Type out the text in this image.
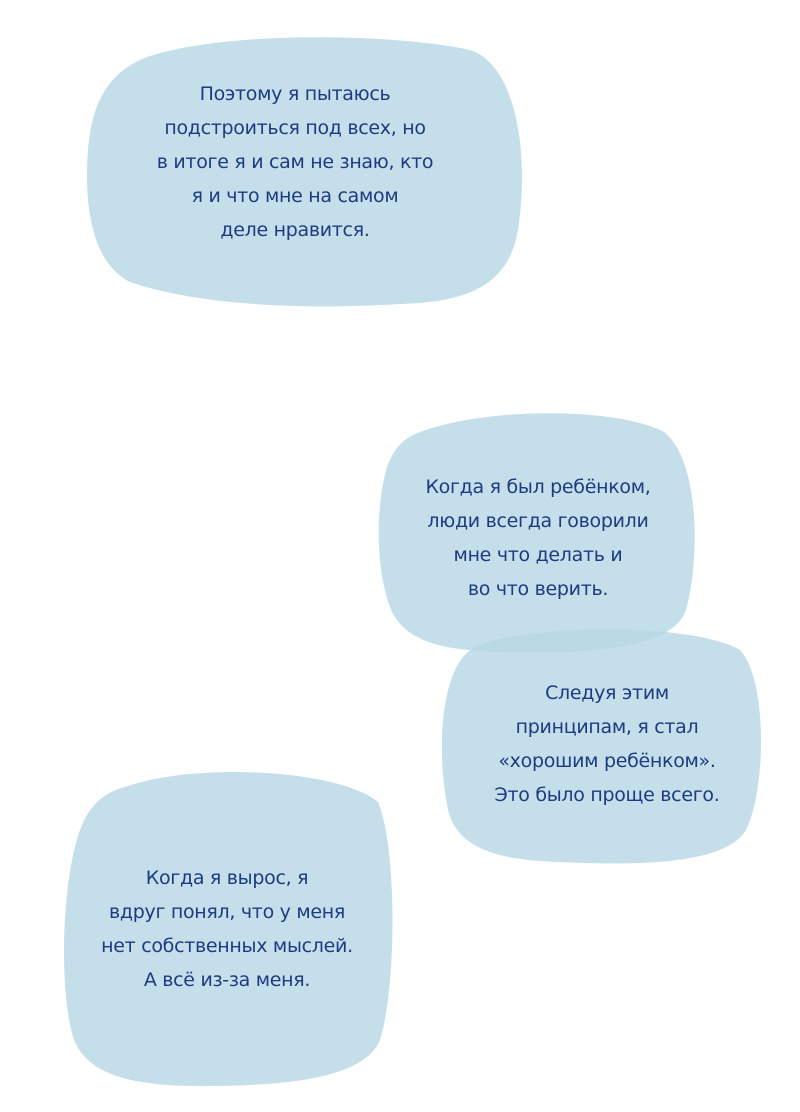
Поэтому я пытаюсь
подстроиться под всех, но
в итоге я и сам не знаю, кто
я и что мне на самом
деле нравится.

Когда я был ребёнком,
люди всегда говорили
мне что делать и
во что верить.

Следуя этим
принципам, я стал
«хорошим ребёнком».
Это было проще всего.

Когда я вырос, я
вдруг понял, что у меня
нет собственных мыслей.
А всё из-за меня.
